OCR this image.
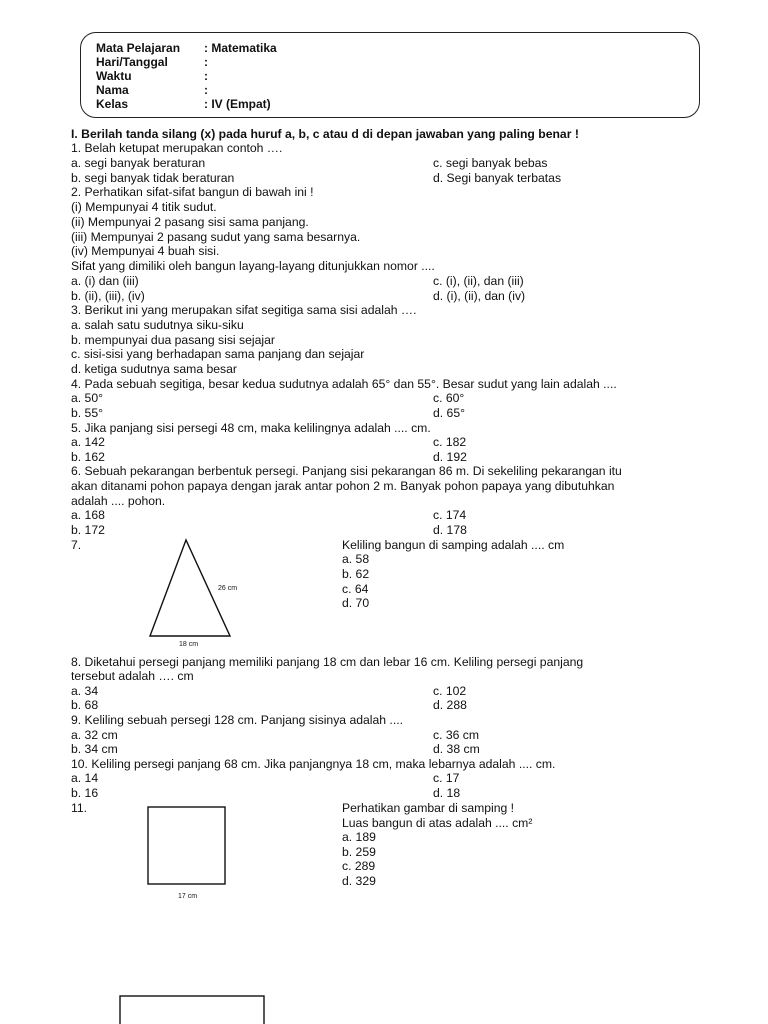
Mata Pelajaran : Matematika
Hari/Tanggal	:
Waktu	:
Nama	:
Kelas	: IV (Empat)
I. Berilah tanda silang (x) pada huruf a, b, c atau d di depan jawaban yang paling benar !
1. Belah ketupat merupakan contoh ….
a. segi banyak beraturan	c. segi banyak bebas
b. segi banyak tidak beraturan	d. Segi banyak terbatas
2. Perhatikan sifat-sifat bangun di bawah ini !
(i) Mempunyai 4 titik sudut.
(ii) Mempunyai 2 pasang sisi sama panjang.
(iii) Mempunyai 2 pasang sudut yang sama besarnya.
(iv) Mempunyai 4 buah sisi.
Sifat yang dimiliki oleh bangun layang-layang ditunjukkan nomor ....
a. (i) dan (iii)	c. (i), (ii), dan (iii)
b. (ii), (iii), (iv)	d. (i), (ii), dan (iv)
3. Berikut ini yang merupakan sifat segitiga sama sisi adalah ….
a. salah satu sudutnya siku-siku
b. mempunyai dua pasang sisi sejajar
c. sisi-sisi yang berhadapan sama panjang dan sejajar
d. ketiga sudutnya sama besar
4. Pada sebuah segitiga, besar kedua sudutnya adalah 65° dan 55°. Besar sudut yang lain adalah ....
a. 50°	c. 60°
b. 55°	d. 65°
5. Jika panjang sisi persegi 48 cm, maka kelilingnya adalah .... cm.
a. 142	c. 182
b. 162	d. 192
6. Sebuah pekarangan berbentuk persegi. Panjang sisi pekarangan 86 m. Di sekeliling pekarangan itu
akan ditanami pohon papaya dengan jarak antar pohon 2 m. Banyak pohon papaya yang dibutuhkan
adalah .... pohon.
a. 168	c. 174
b. 172	d. 178
7.
26 cm
18 cm
Keliling bangun di samping adalah .... cm
a. 58
b. 62
c. 64
d. 70
8. Diketahui persegi panjang memiliki panjang 18 cm dan lebar 16 cm. Keliling persegi panjang
tersebut adalah …. cm
a. 34	c. 102
b. 68	d. 288
9. Keliling sebuah persegi 128 cm. Panjang sisinya adalah ....
a. 32 cm	c. 36 cm
b. 34 cm	d. 38 cm
10. Keliling persegi panjang 68 cm. Jika panjangnya 18 cm, maka lebarnya adalah .... cm.
a. 14	c. 17
b. 16	d. 18
11.
17 cm
Perhatikan gambar di samping !
Luas bangun di atas adalah .... cm²
a. 189
b. 259
c. 289
d. 329
